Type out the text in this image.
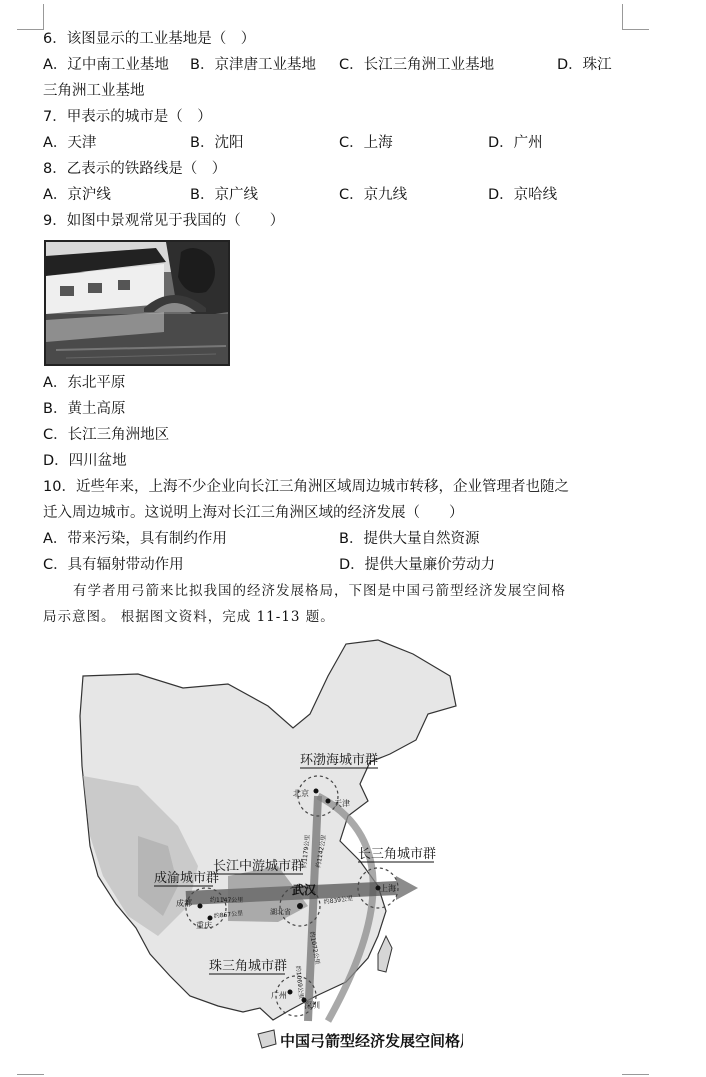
6．该图显示的工业基地是（　）
A．辽中南工业基地 B．京津唐工业基地 C．长江三角洲工业基地	D．珠江
三角洲工业基地
7．甲表示的城市是（　）
A．天津	B．沈阳	C．上海	D．广州
8．乙表示的铁路线是（　）
A．京沪线	B．京广线	C．京九线	D．京哈线
9．如图中景观常见于我国的（　　）
A．东北平原
B．黄土高原
C．长江三角洲地区
D．四川盆地
10．近些年来，上海不少企业向长江三角洲区域周边城市转移，企业管理者也随之
迁入周边城市。这说明上海对长江三角洲区域的经济发展（　　）
A．带来污染，具有制约作用	B．提供大量自然资源
C．具有辐射带动作用	D．提供大量廉价劳动力
有学者用弓箭来比拟我国的经济发展格局，下图是中国弓箭型经济发展空间格
局示意图。 根据图文资料，完成 11-13 题。
环渤海城市群
长江中游城市群
成渝城市群
长三角城市群
珠三角城市群
北京
天津
武汉	上海
成都
重庆
湖北省
广州
深圳
约1147公里
约867公里
约839公里
约1179公里 约1142公里
约1069公里
约1072公里
中国弓箭型经济发展空间格局
